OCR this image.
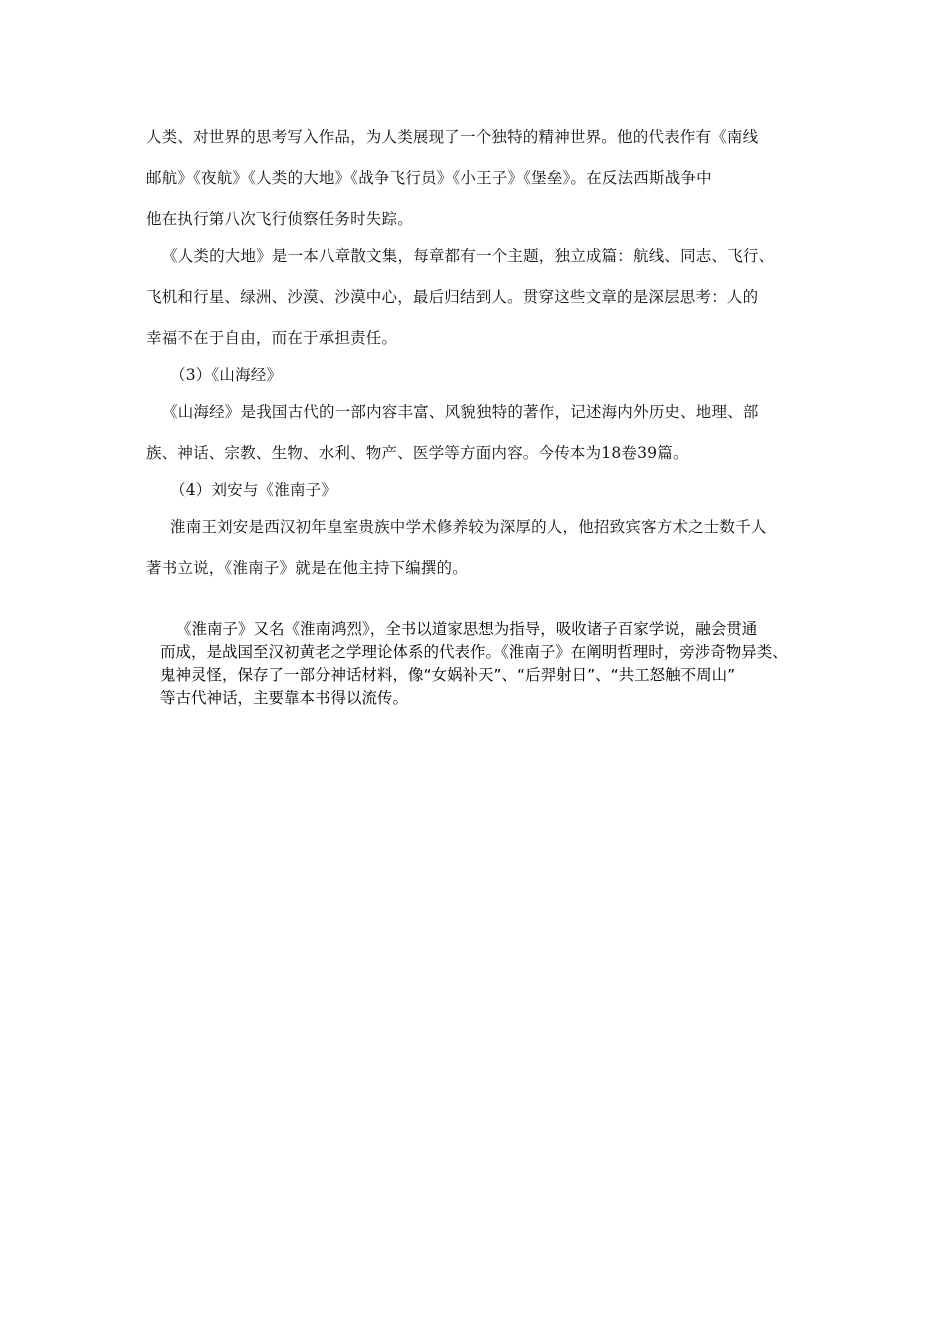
人类、对世界的思考写入作品，为人类展现了一个独特的精神世界。他的代表作有《南线
邮航》《夜航》《人类的大地》《战争飞行员》《小王子》《堡垒》。在反法西斯战争中
他在执行第八次飞行侦察任务时失踪。
《人类的大地》是一本八章散文集，每章都有一个主题，独立成篇：航线、同志、飞行、
飞机和行星、绿洲、沙漠、沙漠中心，最后归结到人。贯穿这些文章的是深层思考：人的
幸福不在于自由，而在于承担责任。
（3）《山海经》
《山海经》是我国古代的一部内容丰富、风貌独特的著作，记述海内外历史、地理、部
族、神话、宗教、生物、水利、物产、医学等方面内容。今传本为18卷39篇。
（4）刘安与《淮南子》
淮南王刘安是西汉初年皇室贵族中学术修养较为深厚的人，他招致宾客方术之士数千人
著书立说，《淮南子》就是在他主持下编撰的。
《淮南子》又名《淮南鸿烈》，全书以道家思想为指导，吸收诸子百家学说，融会贯通
而成，是战国至汉初黄老之学理论体系的代表作。《淮南子》在阐明哲理时，旁涉奇物异类、
鬼神灵怪，保存了一部分神话材料，像“女娲补天”、“后羿射日”、“共工怒触不周山”
等古代神话，主要靠本书得以流传。
